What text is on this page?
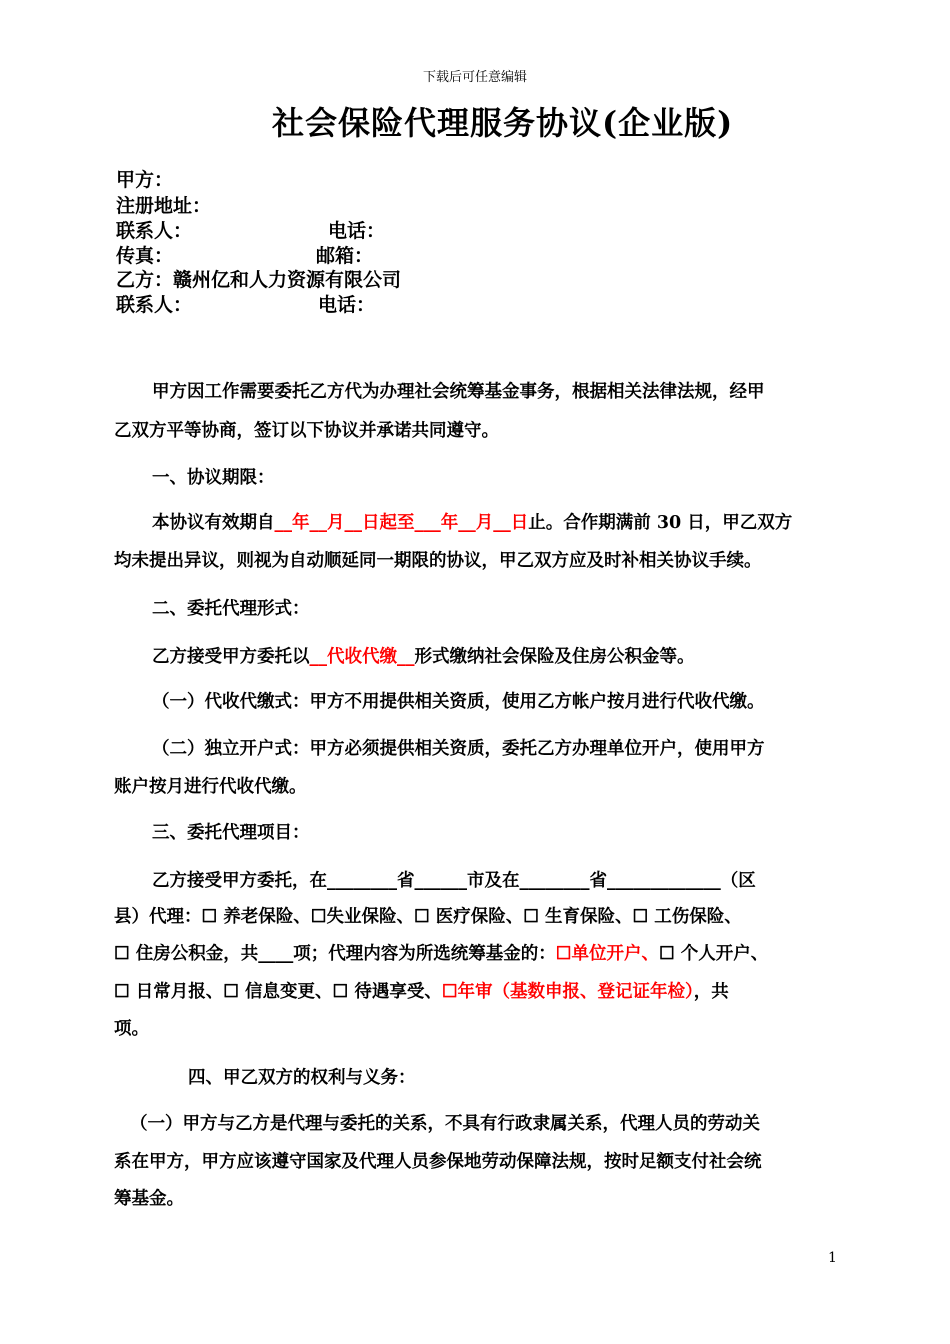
下载后可任意编辑
社会保险代理服务协议(企业版)
甲方：
注册地址：
联系人：	电话：
传真：	邮箱：
乙方：赣州亿和人力资源有限公司
联系人：	电话：
甲方因工作需要委托乙方代为办理社会统筹基金事务，根据相关法律法规，经甲
乙双方平等协商，签订以下协议并承诺共同遵守。
一、协议期限：
本协议有效期自__年__月__日起至___年__月__日止。合作期满前 30 日，甲乙双方
均未提出异议，则视为自动顺延同一期限的协议，甲乙双方应及时补相关协议手续。
二、委托代理形式：
乙方接受甲方委托以__代收代缴__形式缴纳社会保险及住房公积金等。
（一）代收代缴式：甲方不用提供相关资质，使用乙方帐户按月进行代收代缴。
（二）独立开户式：甲方必须提供相关资质，委托乙方办理单位开户，使用甲方
账户按月进行代收代缴。
三、委托代理项目：
乙方接受甲方委托，在________省______市及在________省_____________（区
县）代理：☐ 养老保险、☐失业保险、☐ 医疗保险、☐ 生育保险、☐ 工伤保险、
☐ 住房公积金，共____项；代理内容为所选统筹基金的：☐单位开户、☐ 个人开户、
☐ 日常月报、☐ 信息变更、☐ 待遇享受、☐年审（基数申报、登记证年检），共
项。
四、甲乙双方的权利与义务：
（一）甲方与乙方是代理与委托的关系，不具有行政隶属关系，代理人员的劳动关
系在甲方，甲方应该遵守国家及代理人员参保地劳动保障法规，按时足额支付社会统
筹基金。
1
